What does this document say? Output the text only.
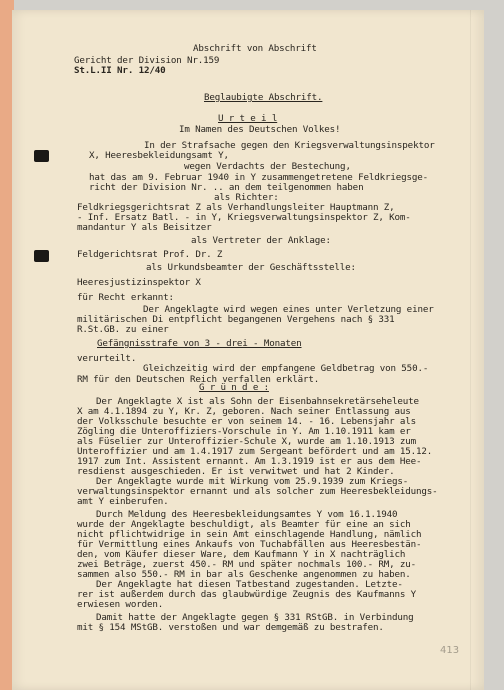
Abschrift von Abschrift
Gericht der Division Nr.159
St.L.II Nr. 12/40
Beglaubigte Abschrift.
U r t e i l
Im Namen des Deutschen Volkes!
In der Strafsache gegen den Kriegsverwaltungsinspektor
X, Heeresbekleidungsamt Y,
wegen Verdachts der Bestechung,
hat das am 9. Februar 1940 in Y zusammengetretene Feldkriegsge-
richt der Division Nr. .. an dem teilgenommen haben
als Richter:
Feldkriegsgerichtsrat Z als Verhandlungsleiter Hauptmann Z,
- Inf. Ersatz Batl. - in Y, Kriegsverwaltungsinspektor Z, Kom-
mandantur Y als Beisitzer
als Vertreter der Anklage:
Feldgerichtsrat Prof. Dr. Z
als Urkundsbeamter der Geschäftsstelle:
Heeresjustizinspektor X
für Recht erkannt:
Der Angeklagte wird wegen eines unter Verletzung einer
militärischen Di entpflicht begangenen Vergehens nach § 331
R.St.GB. zu einer
Gefängnisstrafe von 3 - drei - Monaten
verurteilt.
Gleichzeitig wird der empfangene Geldbetrag von 550.-
RM für den Deutschen Reich verfallen erklärt.
G r ü n d e :
Der Angeklagte X ist als Sohn der Eisenbahnsekretärseheleute
X am 4.1.1894 zu Y, Kr. Z, geboren. Nach seiner Entlassung aus
der Volksschule besuchte er von seinem 14. - 16. Lebensjahr als
Zögling die Unteroffiziers-Vorschule in Y. Am 1.10.1911 kam er
als Füselier zur Unteroffizier-Schule X, wurde am 1.10.1913 zum
Unteroffizier und am 1.4.1917 zum Sergeant befördert und am 15.12.
1917 zum Int. Assistent ernannt. Am 1.3.1919 ist er aus dem Hee-
resdienst ausgeschieden. Er ist verwitwet und hat 2 Kinder.
Der Angeklagte wurde mit Wirkung vom 25.9.1939 zum Kriegs-
verwaltungsinspektor ernannt und als solcher zum Heeresbekleidungs-
amt Y einberufen.
Durch Meldung des Heeresbekleidungsamtes Y vom 16.1.1940
wurde der Angeklagte beschuldigt, als Beamter für eine an sich
nicht pflichtwidrige in sein Amt einschlagende Handlung, nämlich
für Vermittlung eines Ankaufs von Tuchabfällen aus Heeresbestän-
den, vom Käufer dieser Ware, dem Kaufmann Y in X nachträglich
zwei Beträge, zuerst 450.- RM und später nochmals 100.- RM, zu-
sammen also 550.- RM in bar als Geschenke angenommen zu haben.
Der Angeklagte hat diesen Tatbestand zugestanden. Letzte-
rer ist außerdem durch das glaubwürdige Zeugnis des Kaufmanns Y
erwiesen worden.
Damit hatte der Angeklagte gegen § 331 RStGB. in Verbindung
mit § 154 MStGB. verstoßen und war demgemäß zu bestrafen.
413
